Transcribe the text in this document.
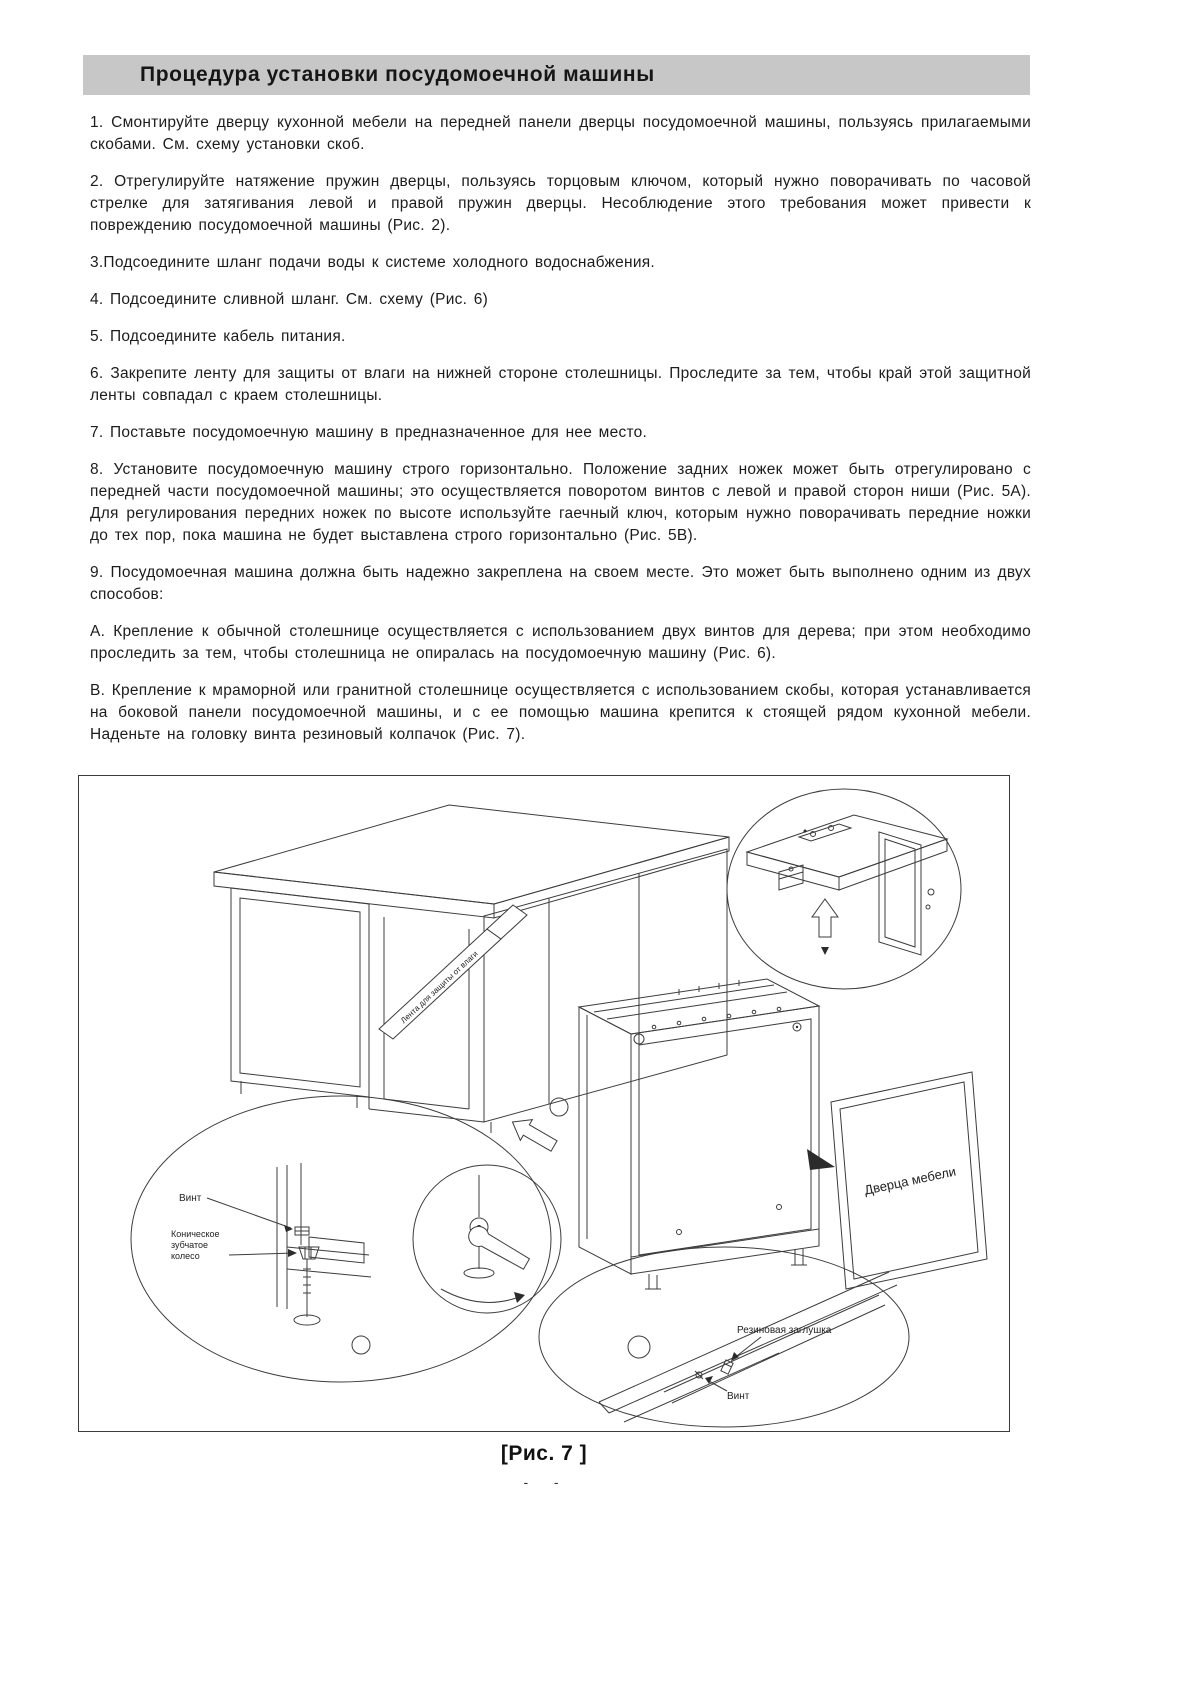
Процедура установки посудомоечной машины

1. Смонтируйте дверцу кухонной мебели на передней панели дверцы посудомоечной машины, пользуясь прилагаемыми скобами. См. схему установки скоб.

2. Отрегулируйте натяжение пружин дверцы, пользуясь торцовым ключом, который нужно поворачивать по часовой стрелке для затягивания левой и правой пружин дверцы. Несоблюдение этого требования может привести к повреждению посудомоечной машины (Рис. 2).

3.Подсоедините шланг подачи воды к системе холодного водоснабжения.

4. Подсоедините сливной шланг. См. схему (Рис. 6)

5. Подсоедините кабель питания.

6. Закрепите ленту для защиты от влаги на нижней стороне столешницы. Проследите за тем, чтобы край этой защитной ленты совпадал с краем столешницы.

7. Поставьте посудомоечную машину в предназначенное для нее место.

8. Установите посудомоечную машину строго горизонтально. Положение задних ножек может быть отрегулировано с передней части посудомоечной машины; это осуществляется поворотом винтов с левой и правой сторон ниши (Рис. 5А). Для регулирования передних ножек по высоте используйте гаечный ключ, которым нужно поворачивать передние ножки до тех пор, пока машина не будет выставлена строго горизонтально (Рис. 5В).

9. Посудомоечная машина должна быть надежно закреплена на своем месте. Это может быть выполнено одним из двух способов:

А. Крепление к обычной столешнице осуществляется с использованием двух винтов для дерева; при этом необходимо проследить за тем, чтобы столешница не опиралась на посудомоечную машину (Рис. 6).

В. Крепление к мраморной или гранитной столешнице осуществляется с использованием скобы, которая устанавливается на боковой панели посудомоечной машины, и с ее помощью машина крепится к стоящей рядом кухонной мебели. Наденьте на головку винта резиновый колпачок (Рис. 7).

Лента для защиты от влаги
Дверца мебели
Винт
Коническое зубчатое колесо
Резиновая заглушка
Винт
[Рис. 7 ]
-  -
